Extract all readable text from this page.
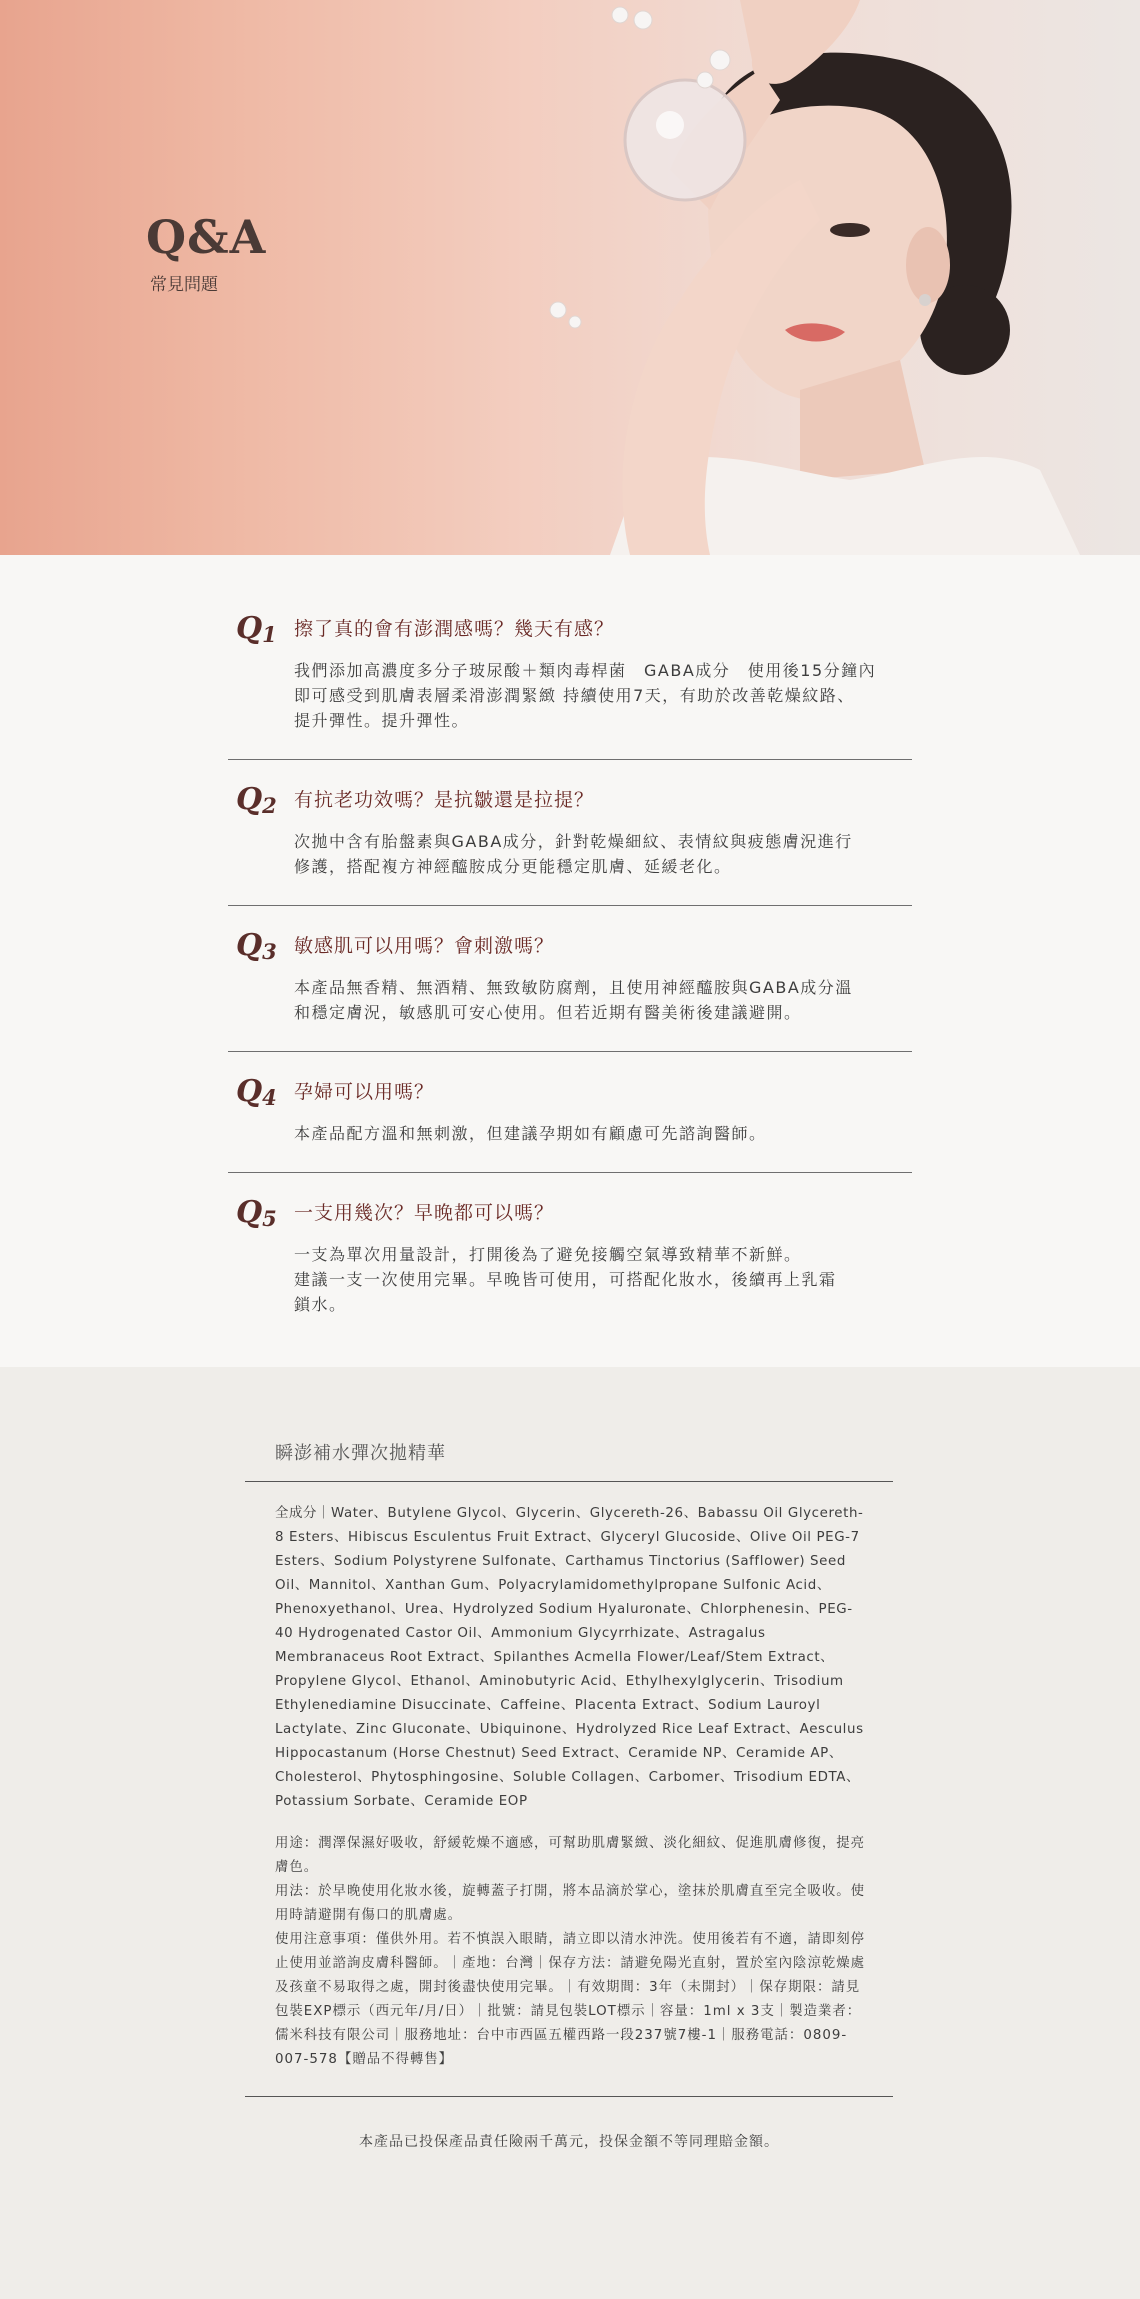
Q&A
常見問題
$Q_1$ 擦了真的會有澎潤感嗎？幾天有感？
我們添加高濃度多分子玻尿酸＋類肉毒桿菌　GABA成分　使用後15分鐘內
即可感受到肌膚表層柔滑澎潤緊緻 持續使用7天，有助於改善乾燥紋路、
提升彈性。提升彈性。
$Q_2$ 有抗老功效嗎？是抗皺還是拉提？
次拋中含有胎盤素與GABA成分，針對乾燥細紋、表情紋與疲態膚況進行
修護，搭配複方神經醯胺成分更能穩定肌膚、延緩老化。
$Q_3$ 敏感肌可以用嗎？會刺激嗎？
本產品無香精、無酒精、無致敏防腐劑，且使用神經醯胺與GABA成分溫
和穩定膚況，敏感肌可安心使用。但若近期有醫美術後建議避開。
$Q_4$ 孕婦可以用嗎？
本產品配方溫和無刺激，但建議孕期如有顧慮可先諮詢醫師。
$Q_5$ 一支用幾次？早晚都可以嗎？
一支為單次用量設計，打開後為了避免接觸空氣導致精華不新鮮。
建議一支一次使用完畢。早晚皆可使用，可搭配化妝水，後續再上乳霜
鎖水。
瞬澎補水彈次拋精華
全成分｜Water、Butylene Glycol、Glycerin、Glycereth-26、Babassu Oil Glycereth-8 Esters、Hibiscus Esculentus Fruit Extract、Glyceryl Glucoside、Olive Oil PEG-7 Esters、Sodium Polystyrene Sulfonate、Carthamus Tinctorius (Safflower) Seed Oil、Mannitol、Xanthan Gum、Polyacrylamidomethylpropane Sulfonic Acid、Phenoxyethanol、Urea、Hydrolyzed Sodium Hyaluronate、Chlorphenesin、PEG-40 Hydrogenated Castor Oil、Ammonium Glycyrrhizate、Astragalus Membranaceus Root Extract、Spilanthes Acmella Flower/Leaf/Stem Extract、Propylene Glycol、Ethanol、Aminobutyric Acid、Ethylhexylglycerin、Trisodium Ethylenediamine Disuccinate、Caffeine、Placenta Extract、Sodium Lauroyl Lactylate、Zinc Gluconate、Ubiquinone、Hydrolyzed Rice Leaf Extract、Aesculus Hippocastanum (Horse Chestnut) Seed Extract、Ceramide NP、Ceramide AP、Cholesterol、Phytosphingosine、Soluble Collagen、Carbomer、Trisodium EDTA、Potassium Sorbate、Ceramide EOP

用途：潤澤保濕好吸收，舒緩乾燥不適感，可幫助肌膚緊緻、淡化細紋、促進肌膚修復，提亮膚色。

用法：於早晚使用化妝水後，旋轉蓋子打開，將本品滴於掌心，塗抹於肌膚直至完全吸收。使用時請避開有傷口的肌膚處。

使用注意事項：僅供外用。若不慎誤入眼睛，請立即以清水沖洗。使用後若有不適，請即刻停止使用並諮詢皮膚科醫師。｜產地：台灣｜保存方法：請避免陽光直射，置於室內陰涼乾燥處及孩童不易取得之處，開封後盡快使用完畢。｜有效期間：3年（未開封）｜保存期限：請見包裝EXP標示（西元年/月/日）｜批號：請見包裝LOT標示｜容量：1ml x 3支｜製造業者：儒米科技有限公司｜服務地址：台中市西區五權西路一段237號7樓-1｜服務電話：0809-007-578【贈品不得轉售】

本產品已投保產品責任險兩千萬元，投保金額不等同理賠金額。
